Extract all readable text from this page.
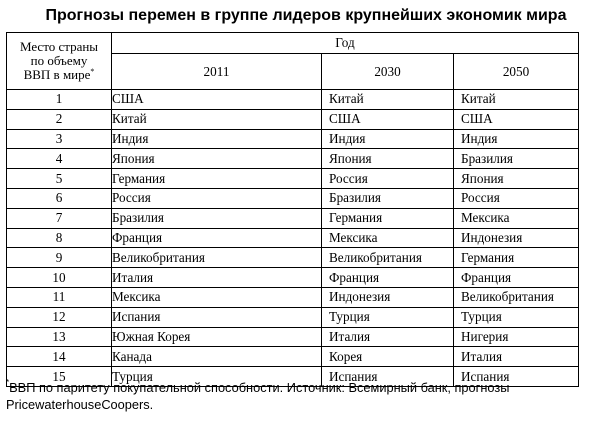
Прогнозы перемен в группе лидеров крупнейших экономик мира
Место страны
по объему
ВВП в мире*	Год		
	2011	2030	2050
1	США	Китай	Китай
2	Китай	США	США
3	Индия	Индия	Индия
4	Япония	Япония	Бразилия
5	Германия	Россия	Япония
6	Россия	Бразилия	Россия
7	Бразилия	Германия	Мексика
8	Франция	Мексика	Индонезия
9	Великобритания	Великобритания	Германия
10	Италия	Франция	Франция
11	Мексика	Индонезия	Великобритания
12	Испания	Турция	Турция
13	Южная Корея	Италия	Нигерия
14	Канада	Корея	Италия
15	Турция	Испания	Испания
*ВВП по паритету покупательной способности. Источник: Всемирный банк, прогнозы
PricewaterhouseCoopers.
